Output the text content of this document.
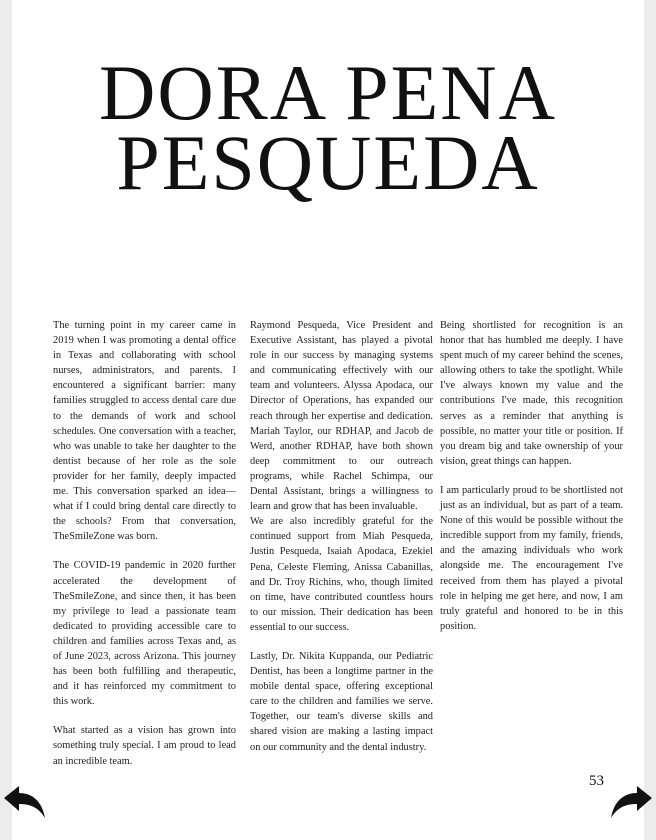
DORA PENA
PESQUEDA

The turning point in my career came in 2019 when I was promoting a dental office in Texas and collaborating with school nurses, administrators, and parents. I encountered a significant barrier: many families struggled to access dental care due to the demands of work and school schedules. One conversation with a teacher, who was unable to take her daughter to the dentist because of her role as the sole provider for her family, deeply impacted me. This conversation sparked an idea—what if I could bring dental care directly to the schools? From that conversation, TheSmileZone was born.

The COVID-19 pandemic in 2020 further accelerated the development of TheSmileZone, and since then, it has been my privilege to lead a passionate team dedicated to providing accessible care to children and families across Texas and, as of June 2023, across Arizona. This journey has been both fulfilling and therapeutic, and it has reinforced my commitment to this work.

What started as a vision has grown into something truly special. I am proud to lead an incredible team.

Raymond Pesqueda, Vice President and Executive Assistant, has played a pivotal role in our success by managing systems and communicating effectively with our team and volunteers. Alyssa Apodaca, our Director of Operations, has expanded our reach through her expertise and dedication. Mariah Taylor, our RDHAP, and Jacob de Werd, another RDHAP, have both shown deep commitment to our outreach programs, while Rachel Schimpa, our Dental Assistant, brings a willingness to learn and grow that has been invaluable.

We are also incredibly grateful for the continued support from Miah Pesqueda, Justin Pesqueda, Isaiah Apodaca, Ezekiel Pena, Celeste Fleming, Anissa Cabanillas, and Dr. Troy Richins, who, though limited on time, have contributed countless hours to our mission. Their dedication has been essential to our success.

Lastly, Dr. Nikita Kuppanda, our Pediatric Dentist, has been a longtime partner in the mobile dental space, offering exceptional care to the children and families we serve. Together, our team's diverse skills and shared vision are making a lasting impact on our community and the dental industry.

Being shortlisted for recognition is an honor that has humbled me deeply. I have spent much of my career behind the scenes, allowing others to take the spotlight. While I've always known my value and the contributions I've made, this recognition serves as a reminder that anything is possible, no matter your title or position. If you dream big and take ownership of your vision, great things can happen.

I am particularly proud to be shortlisted not just as an individual, but as part of a team. None of this would be possible without the incredible support from my family, friends, and the amazing individuals who work alongside me. The encouragement I've received from them has played a pivotal role in helping me get here, and now, I am truly grateful and honored to be in this position.

53
